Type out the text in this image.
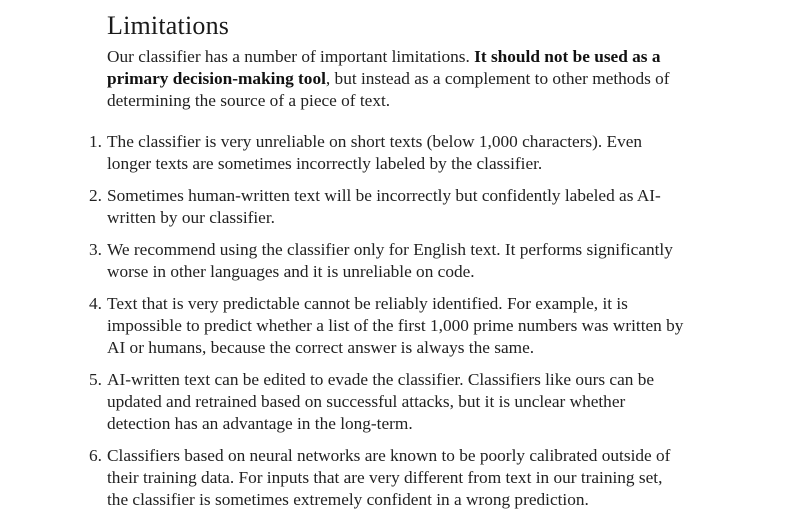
Limitations

Our classifier has a number of important limitations. It should not be used as a primary decision-making tool, but instead as a complement to other methods of determining the source of a piece of text.

1. The classifier is very unreliable on short texts (below 1,000 characters). Even longer texts are sometimes incorrectly labeled by the classifier.
2. Sometimes human-written text will be incorrectly but confidently labeled as AI-written by our classifier.
3. We recommend using the classifier only for English text. It performs significantly worse in other languages and it is unreliable on code.
4. Text that is very predictable cannot be reliably identified. For example, it is impossible to predict whether a list of the first 1,000 prime numbers was written by AI or humans, because the correct answer is always the same.
5. AI-written text can be edited to evade the classifier. Classifiers like ours can be updated and retrained based on successful attacks, but it is unclear whether detection has an advantage in the long-term.
6. Classifiers based on neural networks are known to be poorly calibrated outside of their training data. For inputs that are very different from text in our training set, the classifier is sometimes extremely confident in a wrong prediction.
